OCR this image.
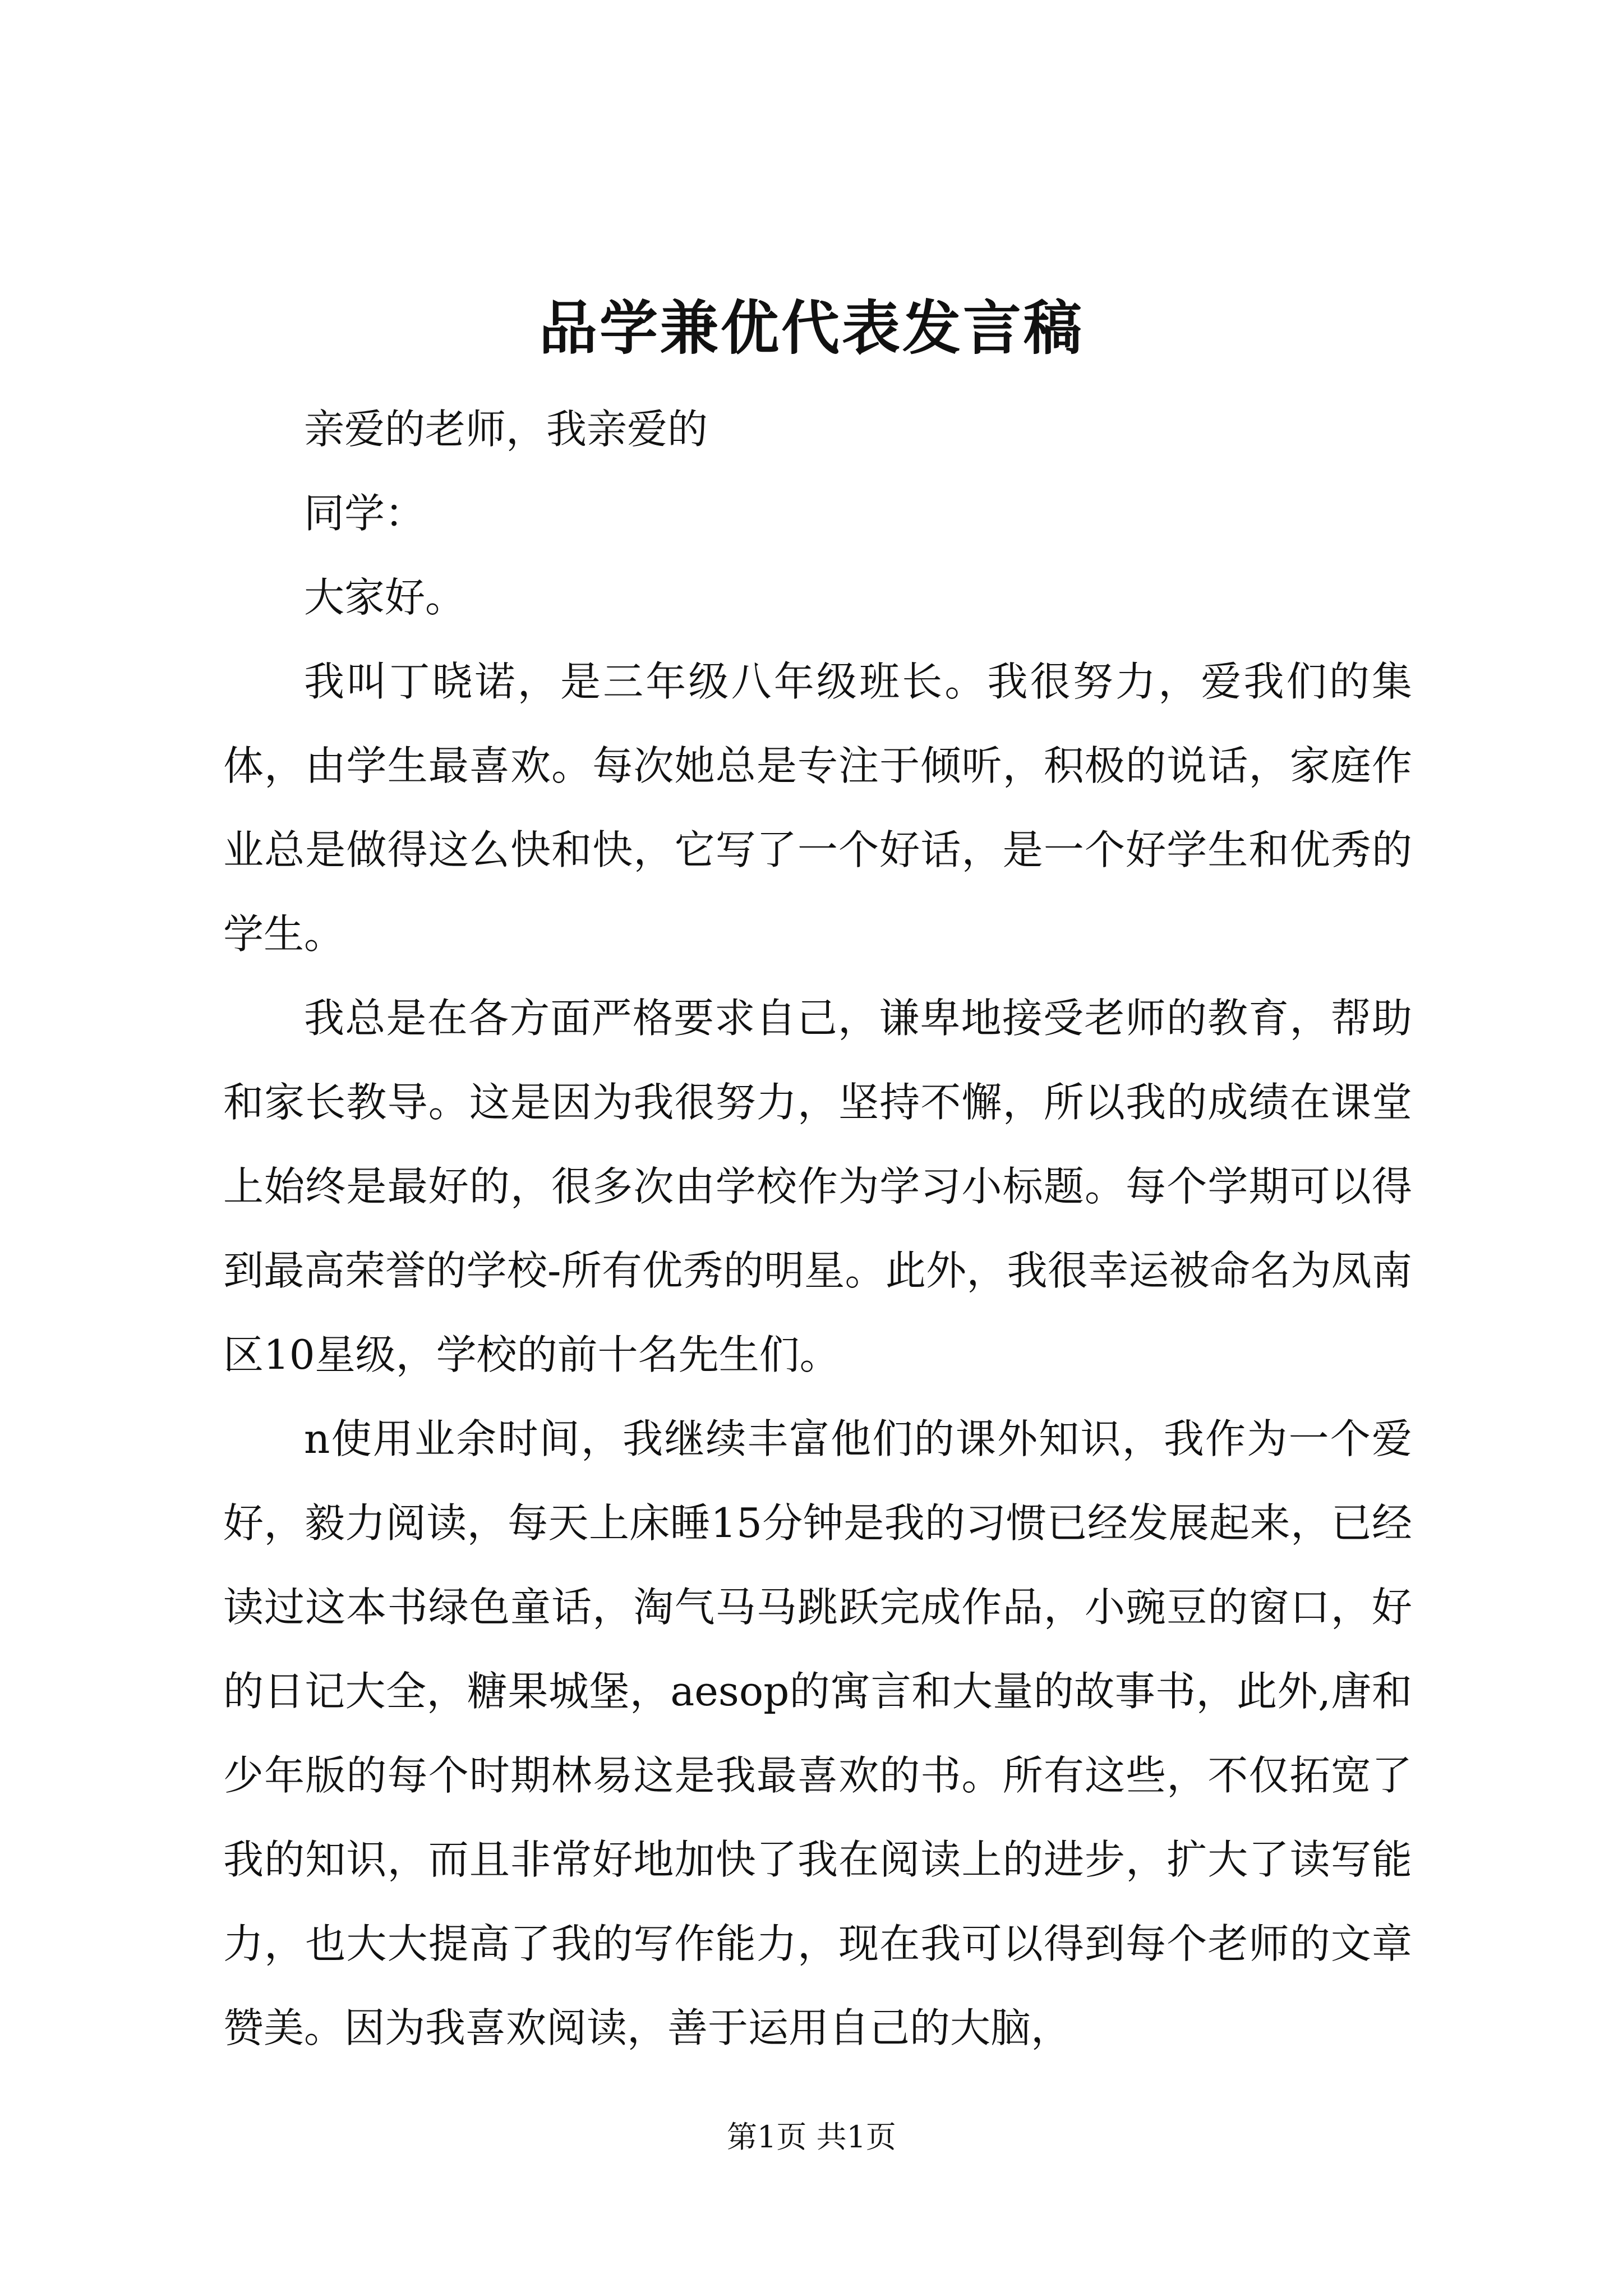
品学兼优代表发言稿

亲爱的老师，我亲爱的

同学：

大家好。

我叫丁晓诺，是三年级八年级班长。我很努力，爱我们的集体，由学生最喜欢。每次她总是专注于倾听，积极的说话，家庭作业总是做得这么快和快，它写了一个好话，是一个好学生和优秀的学生。

我总是在各方面严格要求自己，谦卑地接受老师的教育，帮助和家长教导。这是因为我很努力，坚持不懈，所以我的成绩在课堂上始终是最好的，很多次由学校作为学习小标题。每个学期可以得到最高荣誉的学校-所有优秀的明星。此外，我很幸运被命名为凤南区10星级，学校的前十名先生们。

n使用业余时间，我继续丰富他们的课外知识，我作为一个爱好，毅力阅读，每天上床睡15分钟是我的习惯已经发展起来，已经读过这本书绿色童话，淘气马马跳跃完成作品，小豌豆的窗口，好的日记大全，糖果城堡，aesop的寓言和大量的故事书，此外,唐和少年版的每个时期林易这是我最喜欢的书。所有这些，不仅拓宽了我的知识，而且非常好地加快了我在阅读上的进步，扩大了读写能力，也大大提高了我的写作能力，现在我可以得到每个老师的文章赞美。因为我喜欢阅读，善于运用自己的大脑，

第1页 共1页
